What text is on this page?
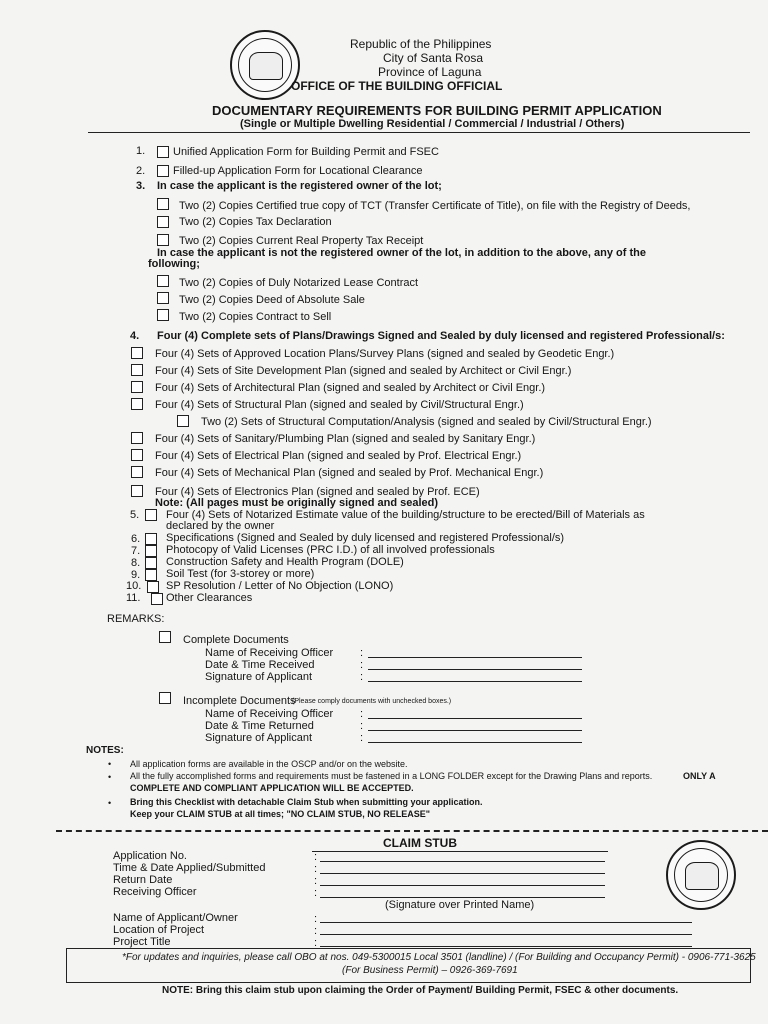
Republic of the Philippines
City of Santa Rosa
Province of Laguna
OFFICE OF THE BUILDING OFFICIAL
DOCUMENTARY REQUIREMENTS FOR BUILDING PERMIT APPLICATION
(Single or Multiple Dwelling Residential / Commercial / Industrial / Others)
1.	Unified Application Form for Building Permit and FSEC
2.	Filled-up Application Form for Locational Clearance
3. In case the applicant is the registered owner of the lot;
Two (2) Copies Certified true copy of TCT (Transfer Certificate of Title), on file with the Registry of Deeds,
Two (2) Copies Tax Declaration
Two (2) Copies Current Real Property Tax Receipt
In case the applicant is not the registered owner of the lot, in addition to the above, any of the
following;
Two (2) Copies of Duly Notarized Lease Contract
Two (2) Copies Deed of Absolute Sale
Two (2) Copies Contract to Sell
4. Four (4) Complete sets of Plans/Drawings Signed and Sealed by duly licensed and registered Professional/s:
Four (4) Sets of Approved Location Plans/Survey Plans (signed and sealed by Geodetic Engr.)
Four (4) Sets of Site Development Plan (signed and sealed by Architect or Civil Engr.)
Four (4) Sets of Architectural Plan (signed and sealed by Architect or Civil Engr.)
Four (4) Sets of Structural Plan (signed and sealed by Civil/Structural Engr.)
Two (2) Sets of Structural Computation/Analysis (signed and sealed by Civil/Structural Engr.)
Four (4) Sets of Sanitary/Plumbing Plan (signed and sealed by Sanitary Engr.)
Four (4) Sets of Electrical Plan (signed and sealed by Prof. Electrical Engr.)
Four (4) Sets of Mechanical Plan (signed and sealed by Prof. Mechanical Engr.)
Four (4) Sets of Electronics Plan (signed and sealed by Prof. ECE)
Note: (All pages must be originally signed and sealed)
5. Four (4) Sets of Notarized Estimate value of the building/structure to be erected/Bill of Materials as
declared by the owner
6. Specifications (Signed and Sealed by duly licensed and registered Professional/s)
7. Photocopy of Valid Licenses (PRC I.D.) of all involved professionals
8. Construction Safety and Health Program (DOLE)
9. Soil Test (for 3-storey or more)
10. SP Resolution / Letter of No Objection (LONO)
11. Other Clearances
REMARKS:
Complete Documents
Name of Receiving Officer :
Date & Time Received	:
Signature of Applicant	:
Incomplete Documents
(Please comply documents with unchecked boxes.)
Name of Receiving Officer :
Date & Time Returned	:
Signature of Applicant	:
NOTES:
• All application forms are available in the OSCP and/or on the website.
• All the fully accomplished forms and requirements must be fastened in a LONG FOLDER except for the Drawing Plans and reports.	ONLY A
COMPLETE AND COMPLIANT APPLICATION WILL BE ACCEPTED.
• Bring this Checklist with detachable Claim Stub when submitting your application.
Keep your CLAIM STUB at all times; "NO CLAIM STUB, NO RELEASE"
CLAIM STUB
Application No.	:
Time & Date Applied/Submitted	:
Return Date	:
Receiving Officer	:
(Signature over Printed Name)
Name of Applicant/Owner	:
Location of Project	:
Project Title	:
*For updates and inquiries, please call OBO at nos. 049-5300015 Local 3501 (landline) / (For Building and Occupancy Permit) - 0906-771-3625
(For Business Permit) – 0926-369-7691
NOTE: Bring this claim stub upon claiming the Order of Payment/ Building Permit, FSEC & other documents.
